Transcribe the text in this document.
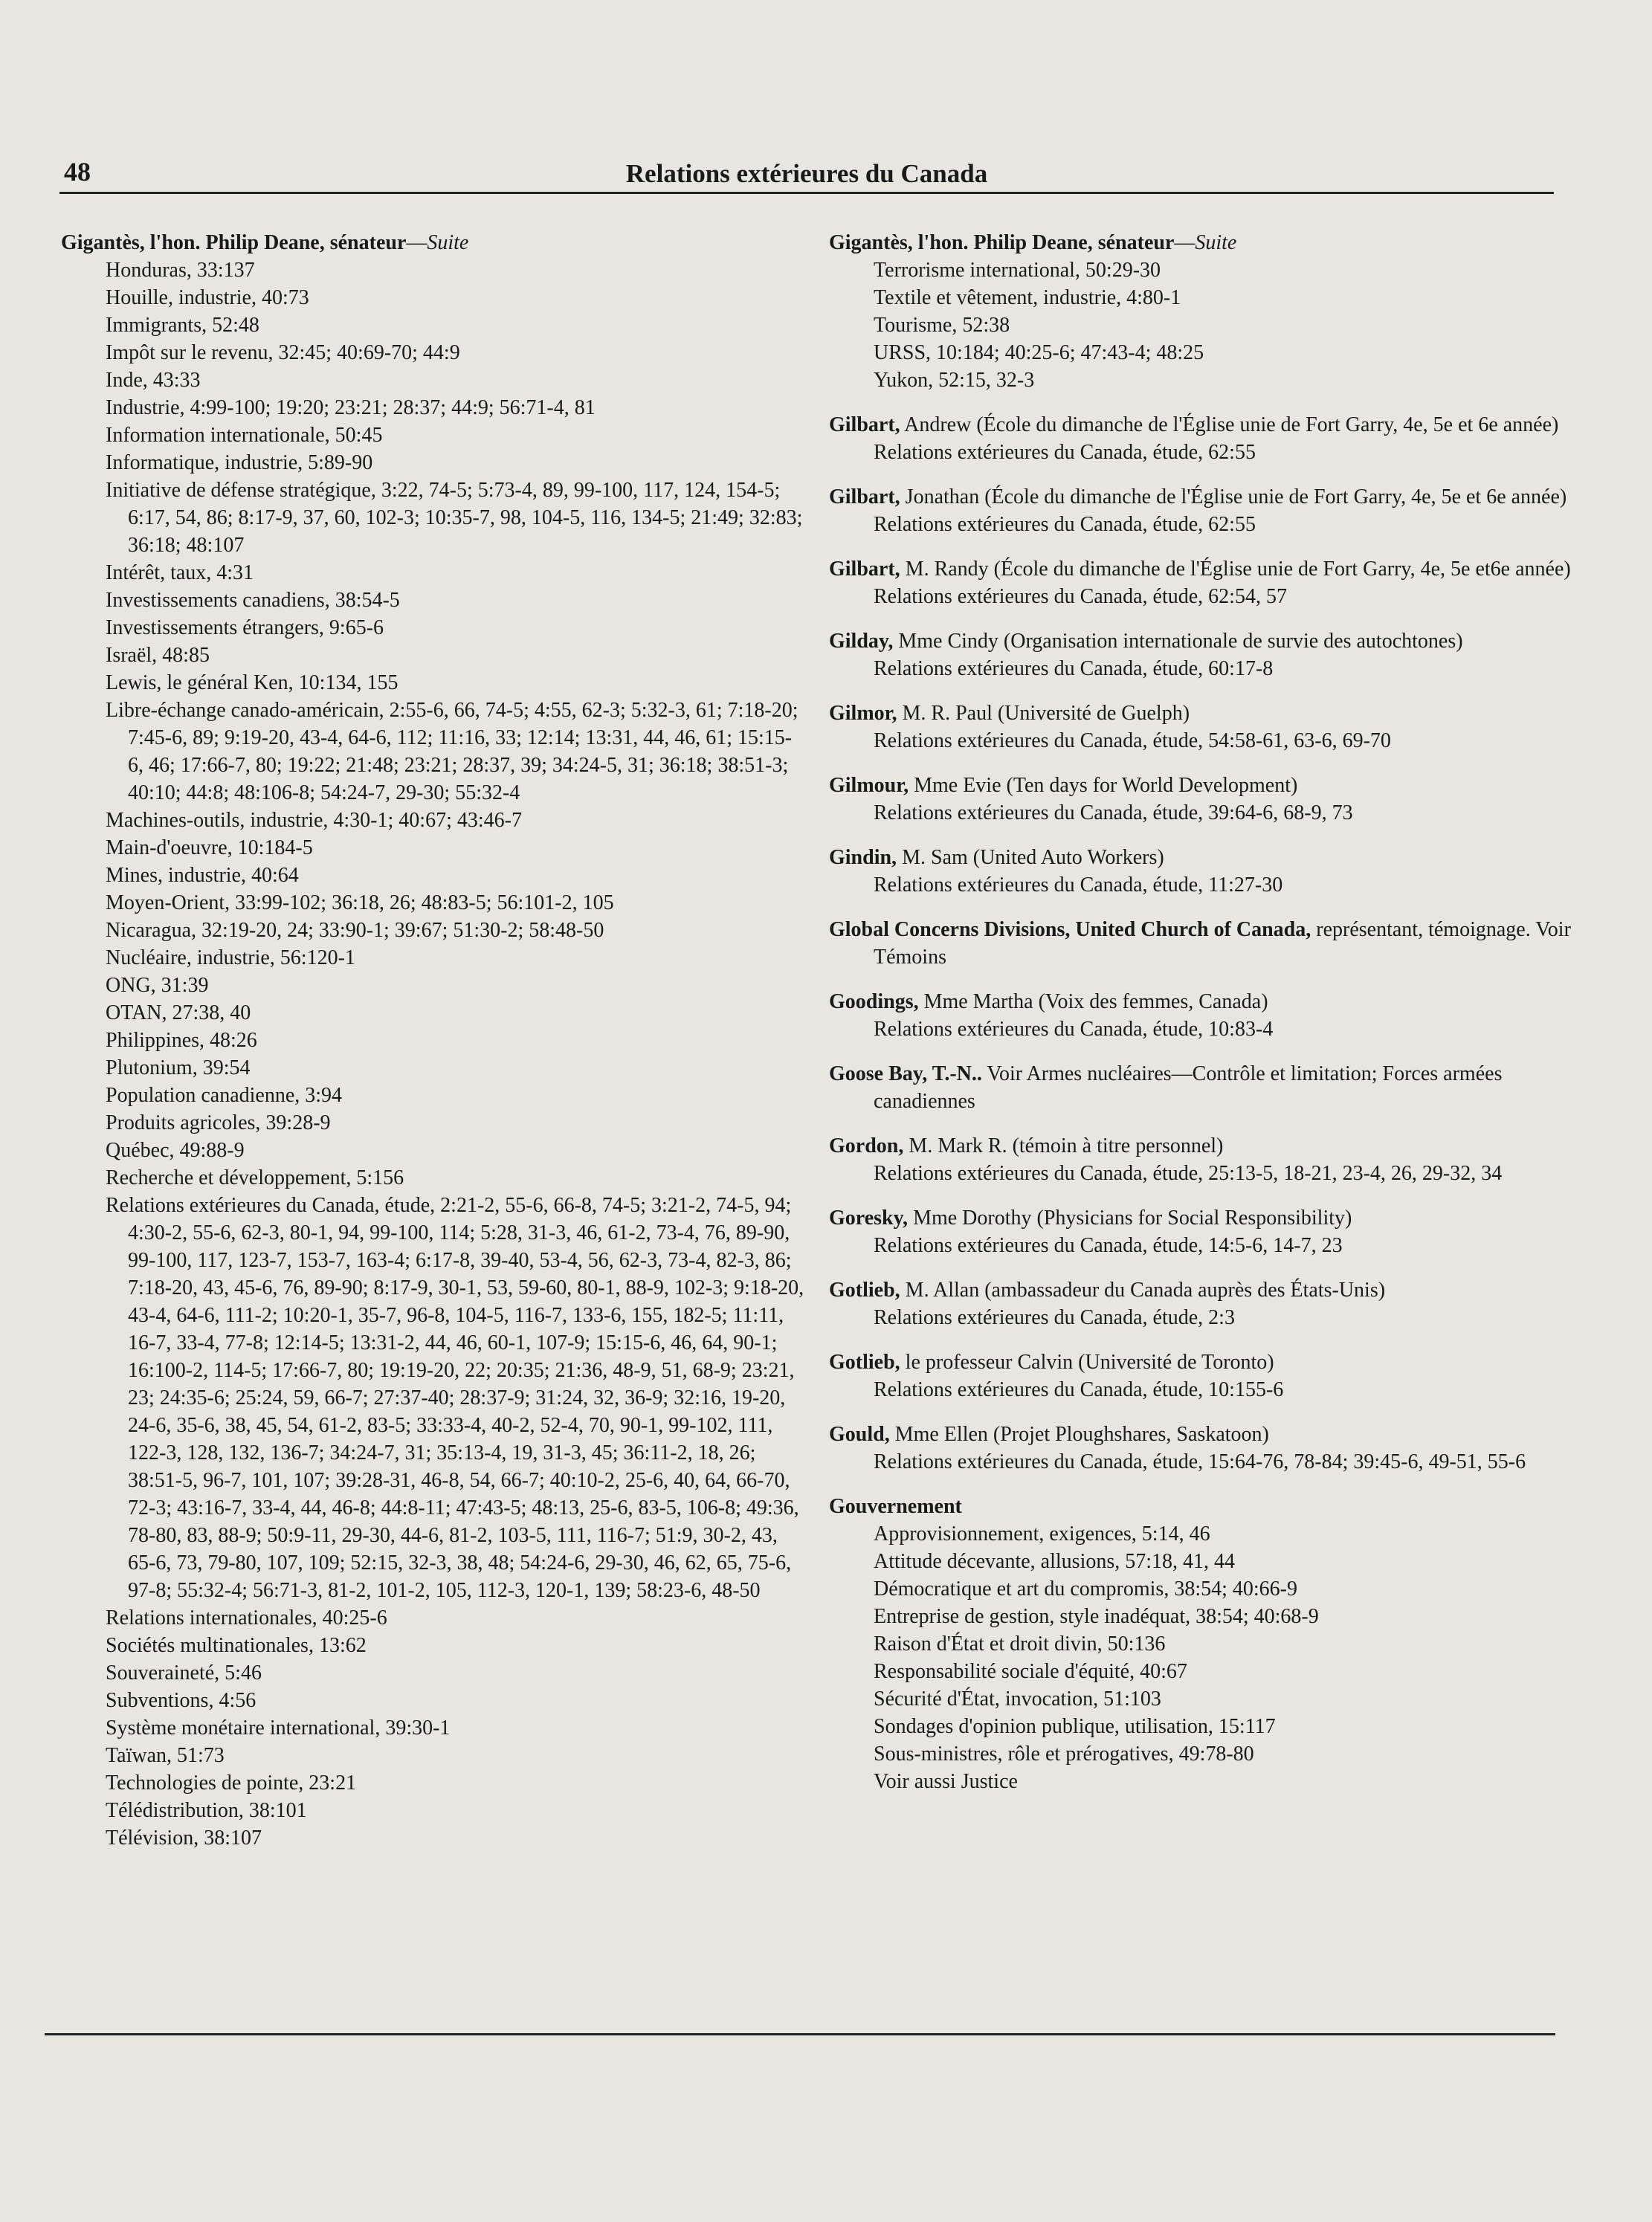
48	Relations extérieures du Canada
Gigantès, l'hon. Philip Deane, sénateur—Suite
Honduras, 33:137
Houille, industrie, 40:73
Immigrants, 52:48
Impôt sur le revenu, 32:45; 40:69-70; 44:9
Inde, 43:33
Industrie, 4:99-100; 19:20; 23:21; 28:37; 44:9; 56:71-4, 81
Information internationale, 50:45
Informatique, industrie, 5:89-90
Initiative de défense stratégique, 3:22, 74-5; 5:73-4, 89, 99-100, 117, 124, 154-5; 6:17, 54, 86; 8:17-9, 37, 60, 102-3; 10:35-7, 98, 104-5, 116, 134-5; 21:49; 32:83; 36:18; 48:107
Intérêt, taux, 4:31
Investissements canadiens, 38:54-5
Investissements étrangers, 9:65-6
Israël, 48:85
Lewis, le général Ken, 10:134, 155
Libre-échange canado-américain, 2:55-6, 66, 74-5; 4:55, 62-3; 5:32-3, 61; 7:18-20; 7:45-6, 89; 9:19-20, 43-4, 64-6, 112; 11:16, 33; 12:14; 13:31, 44, 46, 61; 15:15-6, 46; 17:66-7, 80; 19:22; 21:48; 23:21; 28:37, 39; 34:24-5, 31; 36:18; 38:51-3; 40:10; 44:8; 48:106-8; 54:24-7, 29-30; 55:32-4
Machines-outils, industrie, 4:30-1; 40:67; 43:46-7
Main-d'oeuvre, 10:184-5
Mines, industrie, 40:64
Moyen-Orient, 33:99-102; 36:18, 26; 48:83-5; 56:101-2, 105
Nicaragua, 32:19-20, 24; 33:90-1; 39:67; 51:30-2; 58:48-50
Nucléaire, industrie, 56:120-1
ONG, 31:39
OTAN, 27:38, 40
Philippines, 48:26
Plutonium, 39:54
Population canadienne, 3:94
Produits agricoles, 39:28-9
Québec, 49:88-9
Recherche et développement, 5:156
Relations extérieures du Canada, étude, 2:21-2, 55-6, 66-8, 74-5; 3:21-2, 74-5, 94; 4:30-2, 55-6, 62-3, 80-1, 94, 99-100, 114; 5:28, 31-3, 46, 61-2, 73-4, 76, 89-90, 99-100, 117, 123-7, 153-7, 163-4; 6:17-8, 39-40, 53-4, 56, 62-3, 73-4, 82-3, 86; 7:18-20, 43, 45-6, 76, 89-90; 8:17-9, 30-1, 53, 59-60, 80-1, 88-9, 102-3; 9:18-20, 43-4, 64-6, 111-2; 10:20-1, 35-7, 96-8, 104-5, 116-7, 133-6, 155, 182-5; 11:11, 16-7, 33-4, 77-8; 12:14-5; 13:31-2, 44, 46, 60-1, 107-9; 15:15-6, 46, 64, 90-1; 16:100-2, 114-5; 17:66-7, 80; 19:19-20, 22; 20:35; 21:36, 48-9, 51, 68-9; 23:21, 23; 24:35-6; 25:24, 59, 66-7; 27:37-40; 28:37-9; 31:24, 32, 36-9; 32:16, 19-20, 24-6, 35-6, 38, 45, 54, 61-2, 83-5; 33:33-4, 40-2, 52-4, 70, 90-1, 99-102, 111, 122-3, 128, 132, 136-7; 34:24-7, 31; 35:13-4, 19, 31-3, 45; 36:11-2, 18, 26; 38:51-5, 96-7, 101, 107; 39:28-31, 46-8, 54, 66-7; 40:10-2, 25-6, 40, 64, 66-70, 72-3; 43:16-7, 33-4, 44, 46-8; 44:8-11; 47:43-5; 48:13, 25-6, 83-5, 106-8; 49:36, 78-80, 83, 88-9; 50:9-11, 29-30, 44-6, 81-2, 103-5, 111, 116-7; 51:9, 30-2, 43, 65-6, 73, 79-80, 107, 109; 52:15, 32-3, 38, 48; 54:24-6, 29-30, 46, 62, 65, 75-6, 97-8; 55:32-4; 56:71-3, 81-2, 101-2, 105, 112-3, 120-1, 139; 58:23-6, 48-50
Relations internationales, 40:25-6
Sociétés multinationales, 13:62
Souveraineté, 5:46
Subventions, 4:56
Système monétaire international, 39:30-1
Taïwan, 51:73
Technologies de pointe, 23:21
Télédistribution, 38:101
Télévision, 38:107
Gigantès, l'hon. Philip Deane, sénateur—Suite
Terrorisme international, 50:29-30
Textile et vêtement, industrie, 4:80-1
Tourisme, 52:38
URSS, 10:184; 40:25-6; 47:43-4; 48:25
Yukon, 52:15, 32-3
Gilbart, Andrew (École du dimanche de l'Église unie de Fort Garry, 4e, 5e et 6e année)
Relations extérieures du Canada, étude, 62:55
Gilbart, Jonathan (École du dimanche de l'Église unie de Fort Garry, 4e, 5e et 6e année)
Relations extérieures du Canada, étude, 62:55
Gilbart, M. Randy (École du dimanche de l'Église unie de Fort Garry, 4e, 5e et6e année)
Relations extérieures du Canada, étude, 62:54, 57
Gilday, Mme Cindy (Organisation internationale de survie des autochtones)
Relations extérieures du Canada, étude, 60:17-8
Gilmor, M. R. Paul (Université de Guelph)
Relations extérieures du Canada, étude, 54:58-61, 63-6, 69-70
Gilmour, Mme Evie (Ten days for World Development)
Relations extérieures du Canada, étude, 39:64-6, 68-9, 73
Gindin, M. Sam (United Auto Workers)
Relations extérieures du Canada, étude, 11:27-30
Global Concerns Divisions, United Church of Canada, représentant, témoignage. Voir Témoins
Goodings, Mme Martha (Voix des femmes, Canada)
Relations extérieures du Canada, étude, 10:83-4
Goose Bay, T.-N.. Voir Armes nucléaires—Contrôle et limitation; Forces armées canadiennes
Gordon, M. Mark R. (témoin à titre personnel)
Relations extérieures du Canada, étude, 25:13-5, 18-21, 23-4, 26, 29-32, 34
Goresky, Mme Dorothy (Physicians for Social Responsibility)
Relations extérieures du Canada, étude, 14:5-6, 14-7, 23
Gotlieb, M. Allan (ambassadeur du Canada auprès des États-Unis)
Relations extérieures du Canada, étude, 2:3
Gotlieb, le professeur Calvin (Université de Toronto)
Relations extérieures du Canada, étude, 10:155-6
Gould, Mme Ellen (Projet Ploughshares, Saskatoon)
Relations extérieures du Canada, étude, 15:64-76, 78-84; 39:45-6, 49-51, 55-6
Gouvernement
Approvisionnement, exigences, 5:14, 46
Attitude décevante, allusions, 57:18, 41, 44
Démocratique et art du compromis, 38:54; 40:66-9
Entreprise de gestion, style inadéquat, 38:54; 40:68-9
Raison d'État et droit divin, 50:136
Responsabilité sociale d'équité, 40:67
Sécurité d'État, invocation, 51:103
Sondages d'opinion publique, utilisation, 15:117
Sous-ministres, rôle et prérogatives, 49:78-80
Voir aussi Justice
